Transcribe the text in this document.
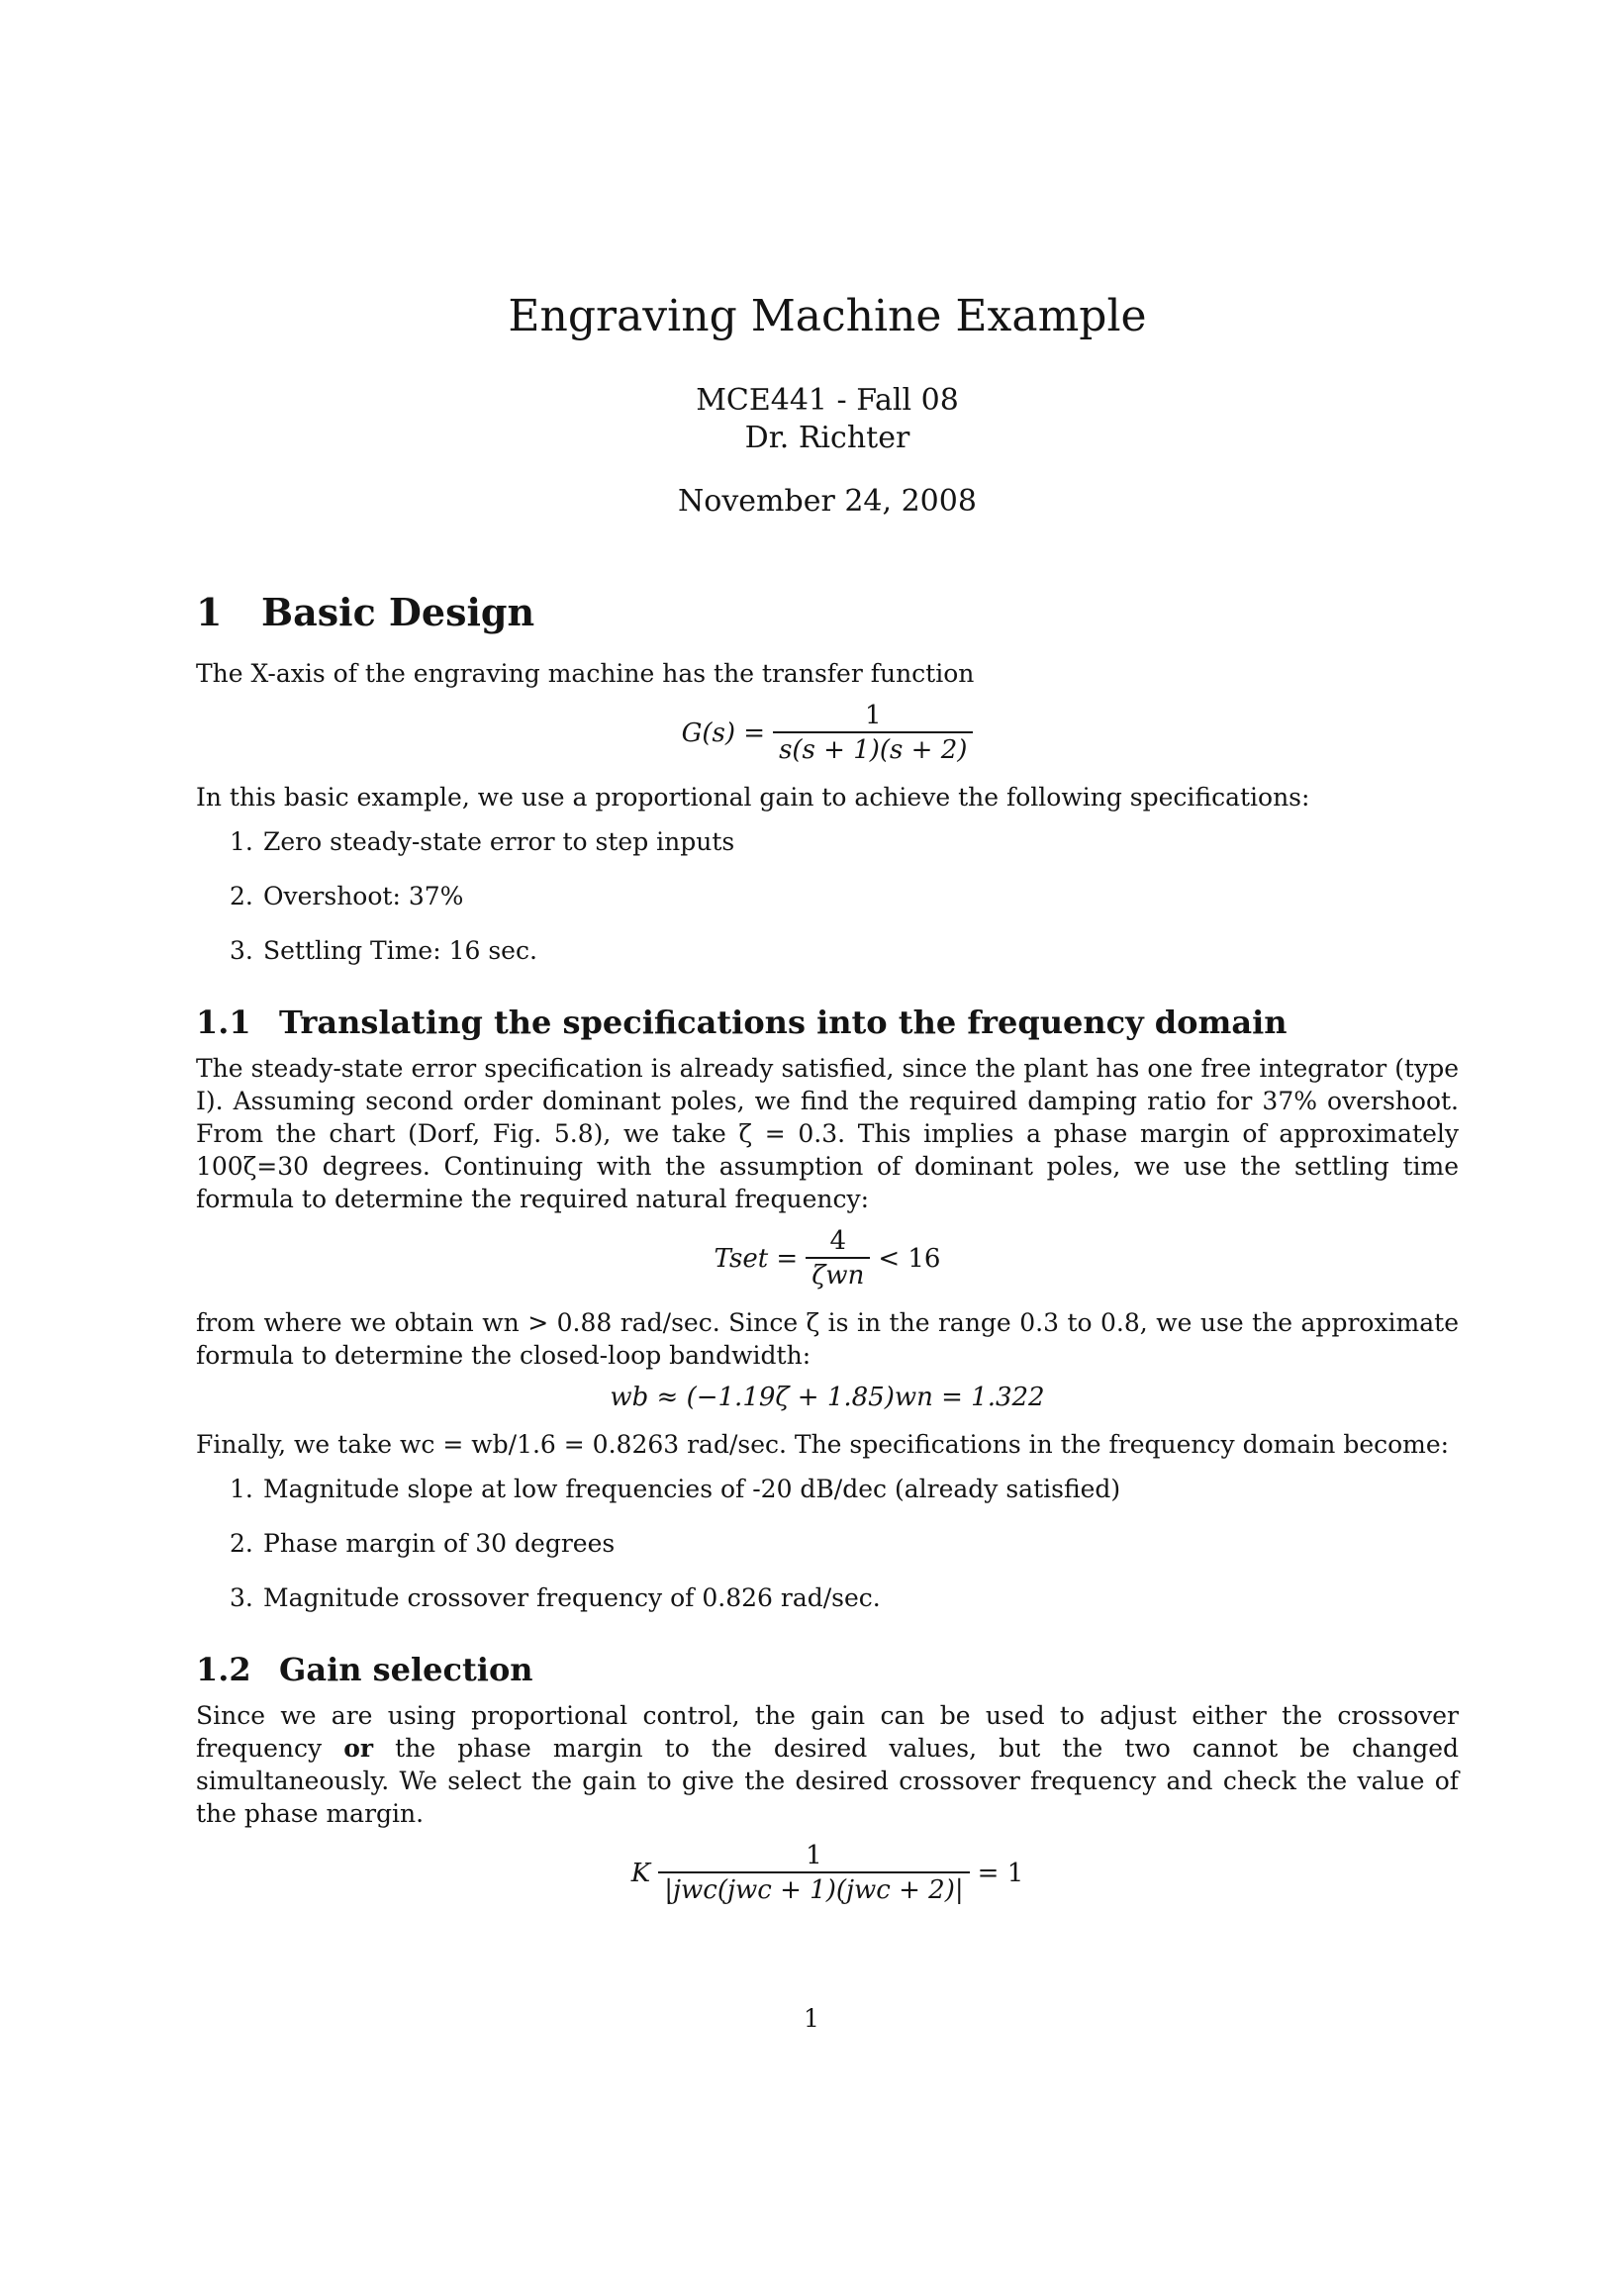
Engraving Machine Example
MCE441 - Fall 08
Dr. Richter
November 24, 2008
1	Basic Design

The X-axis of the engraving machine has the transfer function

$G(s) = \frac{1}{s(s + 1)(s + 2)}$

In this basic example, we use a proportional gain to achieve the following specifications:

1. Zero steady-state error to step inputs
2. Overshoot: 37%
3. Settling Time: 16 sec.
1.1 Translating the specifications into the frequency domain

The steady-state error specification is already satisfied, since the plant has one free integrator (type I). Assuming second order dominant poles, we find the required damping ratio for 37% overshoot. From the chart (Dorf, Fig. 5.8), we take ζ = 0.3. This implies a phase margin of approximately 100ζ=30 degrees. Continuing with the assumption of dominant poles, we use the settling time formula to determine the required natural frequency:

Tset = $\frac{4}{\text{ζwn}} < 16$

from where we obtain wn > 0.88 rad/sec. Since ζ is in the range 0.3 to 0.8, we use the approximate formula to determine the closed-loop bandwidth:

wb ≈ (−1.19ζ + 1.85)wn = 1.322

Finally, we take wc = wb/1.6 = 0.8263 rad/sec. The specifications in the frequency domain become:

1. Magnitude slope at low frequencies of -20 dB/dec (already satisfied)
2. Phase margin of 30 degrees
3. Magnitude crossover frequency of 0.826 rad/sec.
1.2 Gain selection

Since we are using proportional control, the gain can be used to adjust either the crossover frequency or the phase margin to the desired values, but the two cannot be changed simultaneously. We select the gain to give the desired crossover frequency and check the value of the phase margin.

K $\frac{1}{\text{|jwc(jwc + 1)(jwc + 2)|}} = 1$
1
